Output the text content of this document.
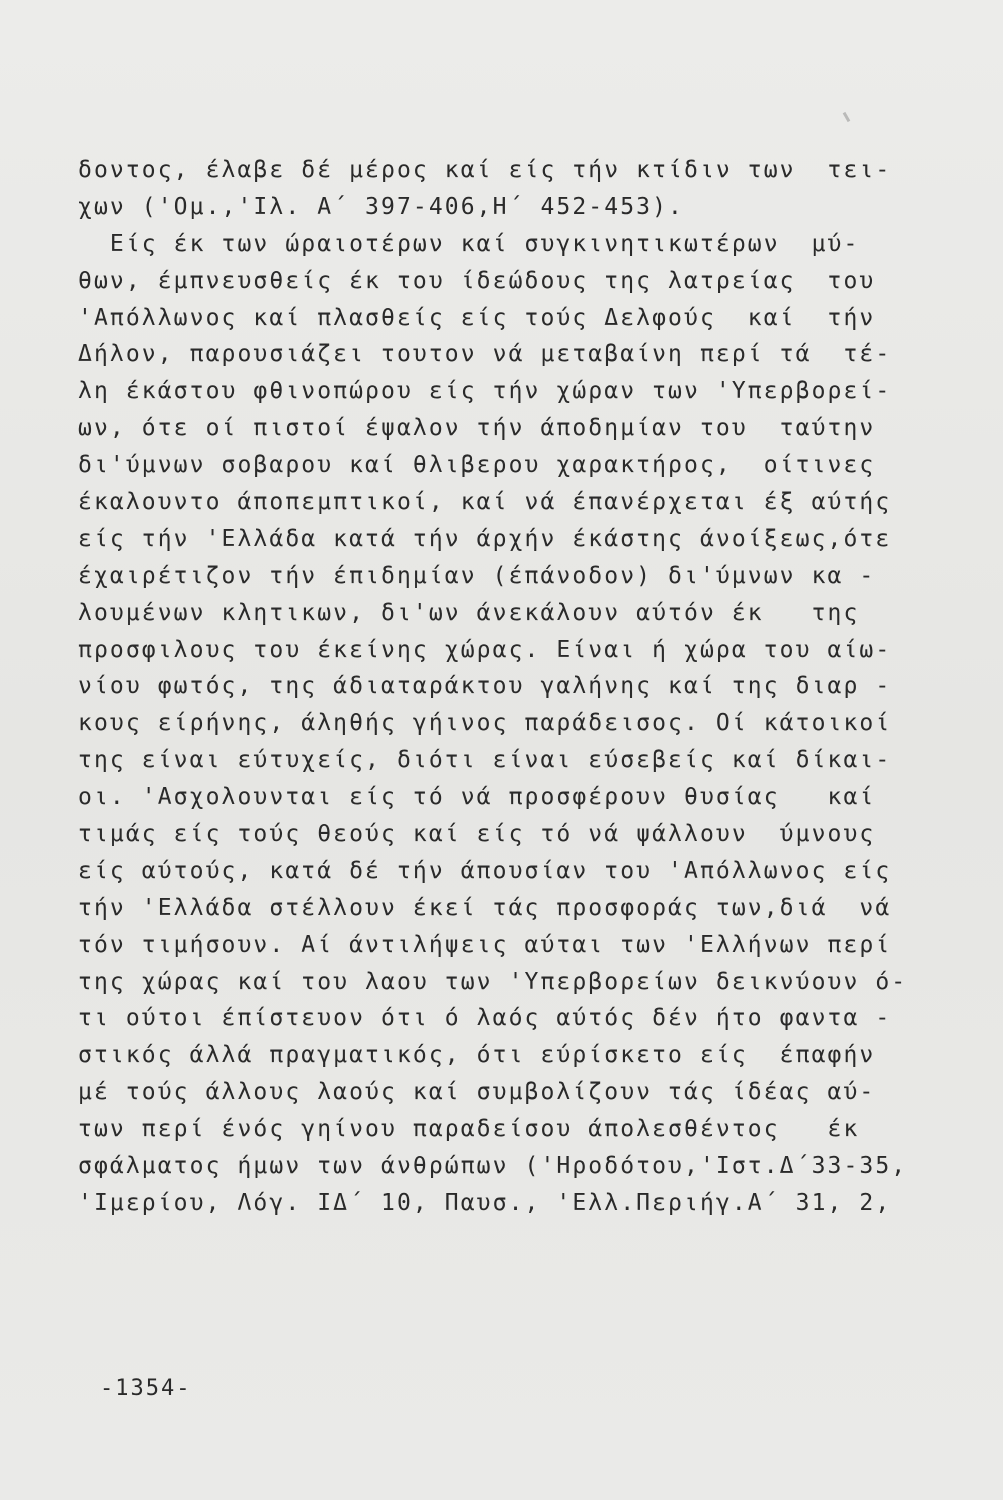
δοντος, έλαβε δέ μέρος καί είς τήν κτίδιν των  τει-
χων ('Ομ.,'Ιλ. Α΄ 397-406,Η΄ 452-453).
Είς έκ των ώραιοτέρων καί συγκινητικωτέρων  μύ-
θων, έμπνευσθείς έκ του ίδεώδους της λατρείας  του
'Απόλλωνος καί πλασθείς είς τούς Δελφούς  καί  τήν
Δήλον, παρουσιάζει τουτον νά μεταβαίνη περί τά  τέ-
λη έκάστου φθινοπώρου είς τήν χώραν των 'Υπερβορεί-
ων, ότε οί πιστοί έψαλον τήν άποδημίαν του  ταύτην
δι'ύμνων σοβαρου καί θλιβερου χαρακτήρος,  οίτινες
έκαλουντο άποπεμπτικοί, καί νά έπανέρχεται έξ αύτής
είς τήν 'Ελλάδα κατά τήν άρχήν έκάστης άνοίξεως,ότε
έχαιρέτιζον τήν έπιδημίαν (έπάνοδον) δι'ύμνων κα -
λουμένων κλητικων, δι'ων άνεκάλουν αύτόν έκ   της
προσφιλους του έκείνης χώρας. Είναι ή χώρα του αίω-
νίου φωτός, της άδιαταράκτου γαλήνης καί της διαρ -
κους είρήνης, άληθής γήινος παράδεισος. Οί κάτοικοί
της είναι εύτυχείς, διότι είναι εύσεβείς καί δίκαι-
οι. 'Ασχολουνται είς τό νά προσφέρουν θυσίας   καί
τιμάς είς τούς θεούς καί είς τό νά ψάλλουν  ύμνους
είς αύτούς, κατά δέ τήν άπουσίαν του 'Απόλλωνος είς
τήν 'Ελλάδα στέλλουν έκεί τάς προσφοράς των,διά  νά
τόν τιμήσουν. Αί άντιλήψεις αύται των 'Ελλήνων περί
της χώρας καί του λαου των 'Υπερβορείων δεικνύουν ό-
τι ούτοι έπίστευον ότι ό λαός αύτός δέν ήτο φαντα -
στικός άλλά πραγματικός, ότι εύρίσκετο είς  έπαφήν
μέ τούς άλλους λαούς καί συμβολίζουν τάς ίδέας αύ-
των περί ένός γηίνου παραδείσου άπολεσθέντος   έκ
σφάλματος ήμων των άνθρώπων ('Ηροδότου,'Ιστ.Δ΄33-35,
'Ιμερίου, Λόγ. ΙΔ΄ 10, Παυσ., 'Ελλ.Περιήγ.Α΄ 31, 2,
-1354-
